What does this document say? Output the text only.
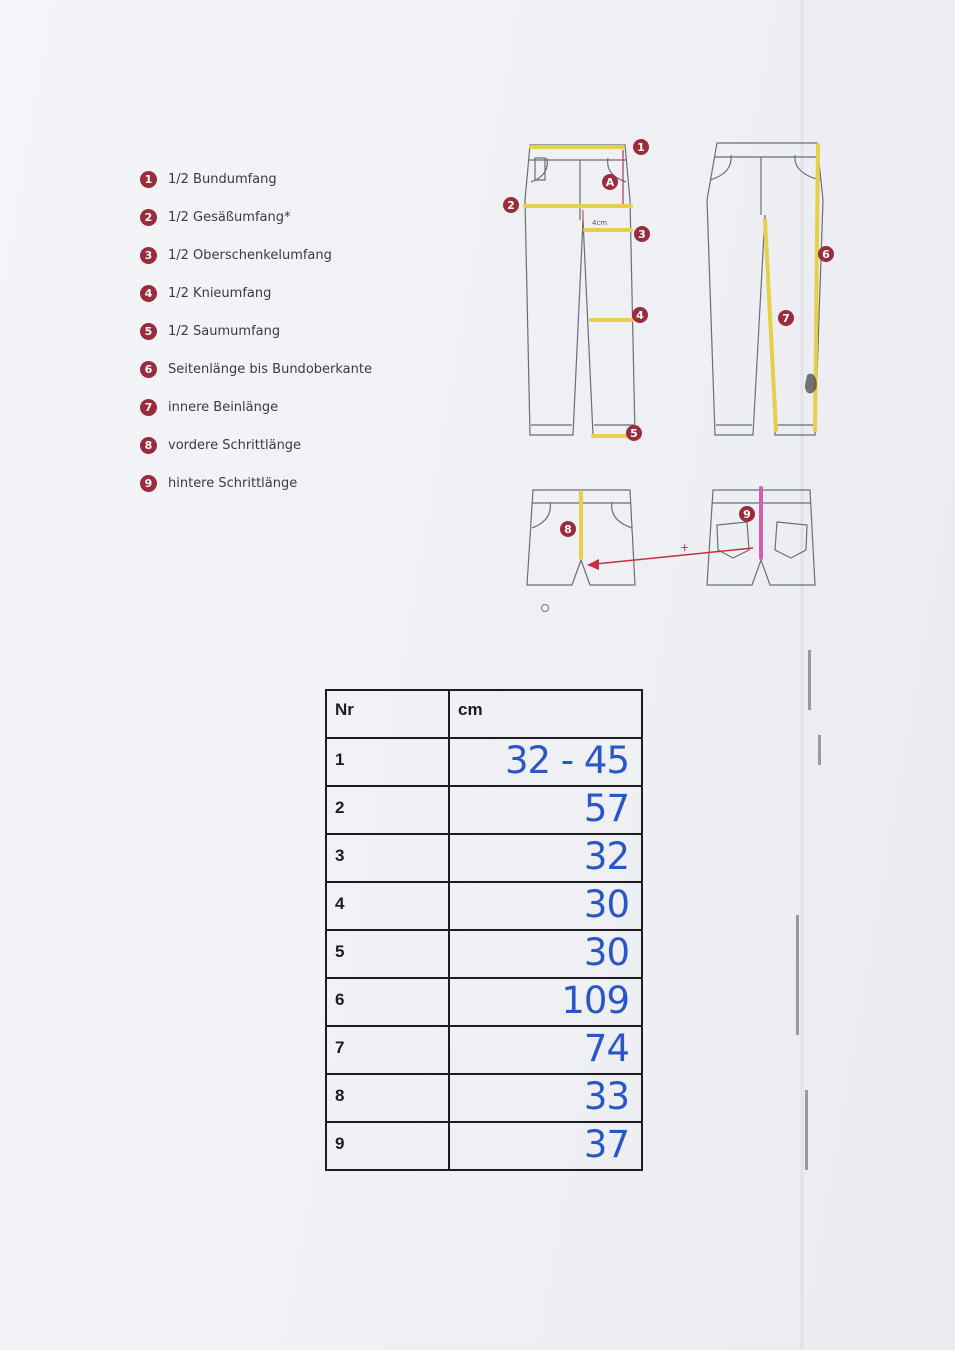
1	1/2 Bundumfang
2	1/2 Gesäßumfang*
3	1/2 Oberschenkelumfang
4	1/2 Knieumfang
5	1/2 Saumumfang
6	Seitenlänge bis Bundoberkante
7	innere Beinlänge
8	vordere Schrittlänge
9	hintere Schrittlänge
+
4cm
A
1
2
3
4
5
6
7
8
9
Nr	cm
1	32 - 45
2	57
3	32
4	30
5	30
6	109
7	74
8	33
9	37
